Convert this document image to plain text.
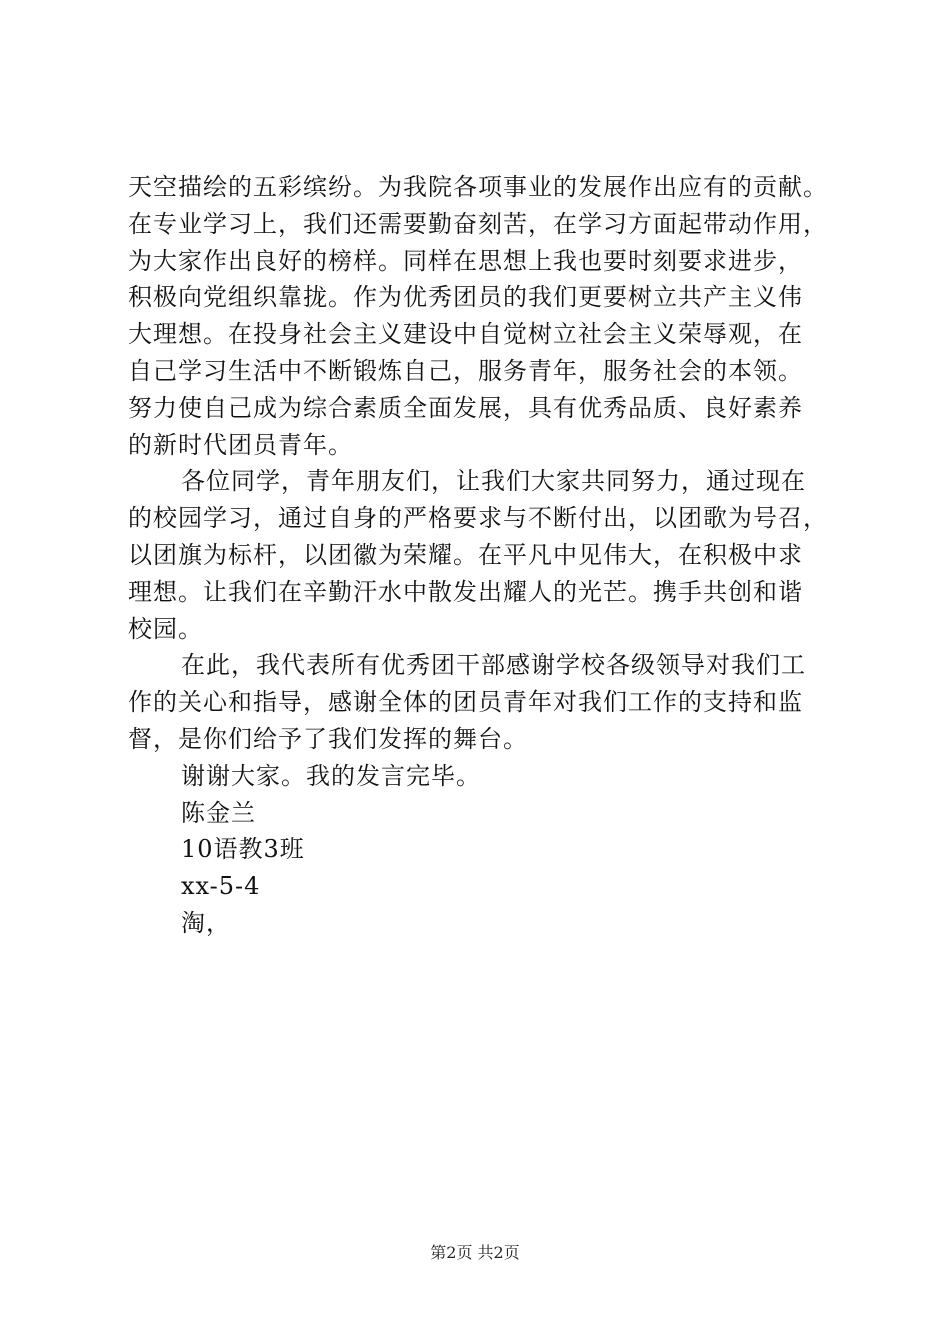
天空描绘的五彩缤纷。为我院各项事业的发展作出应有的贡献。
在专业学习上，我们还需要勤奋刻苦，在学习方面起带动作用，
为大家作出良好的榜样。同样在思想上我也要时刻要求进步，
积极向党组织靠拢。作为优秀团员的我们更要树立共产主义伟
大理想。在投身社会主义建设中自觉树立社会主义荣辱观，在
自己学习生活中不断锻炼自己，服务青年，服务社会的本领。
努力使自己成为综合素质全面发展，具有优秀品质、良好素养
的新时代团员青年。
各位同学，青年朋友们，让我们大家共同努力，通过现在
的校园学习，通过自身的严格要求与不断付出，以团歌为号召，
以团旗为标杆，以团徽为荣耀。在平凡中见伟大，在积极中求
理想。让我们在辛勤汗水中散发出耀人的光芒。携手共创和谐
校园。
在此，我代表所有优秀团干部感谢学校各级领导对我们工
作的关心和指导，感谢全体的团员青年对我们工作的支持和监
督，是你们给予了我们发挥的舞台。
谢谢大家。我的发言完毕。
陈金兰
10语教3班
xx-5-4
淘，
第2页 共2页
